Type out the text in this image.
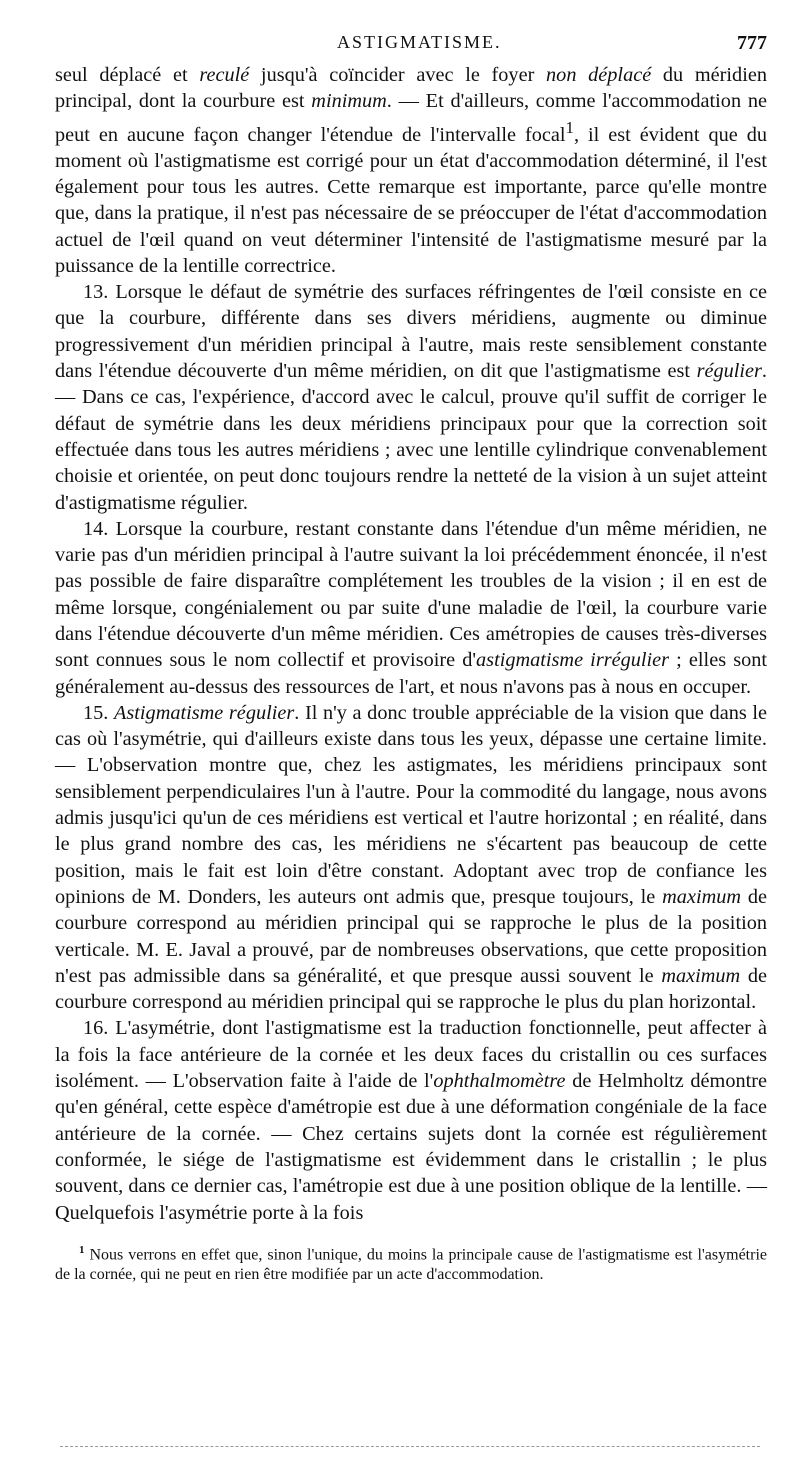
ASTIGMATISME.	777

seul déplacé et reculé jusqu'à coïncider avec le foyer non déplacé du méridien principal, dont la courbure est minimum. — Et d'ailleurs, comme l'accommodation ne peut en aucune façon changer l'étendue de l'intervalle focal$^1$, il est évident que du moment où l'astigmatisme est corrigé pour un état d'accommodation déterminé, il l'est également pour tous les autres. Cette remarque est importante, parce qu'elle montre que, dans la pratique, il n'est pas nécessaire de se préoccuper de l'état d'accommodation actuel de l'œil quand on veut déterminer l'intensité de l'astigmatisme mesuré par la puissance de la lentille correctrice.

13. Lorsque le défaut de symétrie des surfaces réfringentes de l'œil consiste en ce que la courbure, différente dans ses divers méridiens, augmente ou diminue progressivement d'un méridien principal à l'autre, mais reste sensiblement constante dans l'étendue découverte d'un même méridien, on dit que l'astigmatisme est régulier. — Dans ce cas, l'expérience, d'accord avec le calcul, prouve qu'il suffit de corriger le défaut de symétrie dans les deux méridiens principaux pour que la correction soit effectuée dans tous les autres méridiens ; avec une lentille cylindrique convenablement choisie et orientée, on peut donc toujours rendre la netteté de la vision à un sujet atteint d'astigmatisme régulier.

14. Lorsque la courbure, restant constante dans l'étendue d'un même méridien, ne varie pas d'un méridien principal à l'autre suivant la loi précédemment énoncée, il n'est pas possible de faire disparaître complétement les troubles de la vision ; il en est de même lorsque, congénialement ou par suite d'une maladie de l'œil, la courbure varie dans l'étendue découverte d'un même méridien. Ces amétropies de causes très-diverses sont connues sous le nom collectif et provisoire d'astigmatisme irrégulier ; elles sont généralement au-dessus des ressources de l'art, et nous n'avons pas à nous en occuper.

15. Astigmatisme régulier. Il n'y a donc trouble appréciable de la vision que dans le cas où l'asymétrie, qui d'ailleurs existe dans tous les yeux, dépasse une certaine limite. — L'observation montre que, chez les astigmates, les méridiens principaux sont sensiblement perpendiculaires l'un à l'autre. Pour la commodité du langage, nous avons admis jusqu'ici qu'un de ces méridiens est vertical et l'autre horizontal ; en réalité, dans le plus grand nombre des cas, les méridiens ne s'écartent pas beaucoup de cette position, mais le fait est loin d'être constant. Adoptant avec trop de confiance les opinions de M. Donders, les auteurs ont admis que, presque toujours, le maximum de courbure correspond au méridien principal qui se rapproche le plus de la position verticale. M. E. Javal a prouvé, par de nombreuses observations, que cette proposition n'est pas admissible dans sa généralité, et que presque aussi souvent le maximum de courbure correspond au méridien principal qui se rapproche le plus du plan horizontal.

16. L'asymétrie, dont l'astigmatisme est la traduction fonctionnelle, peut affecter à la fois la face antérieure de la cornée et les deux faces du cristallin ou ces surfaces isolément. — L'observation faite à l'aide de l'ophthalmomètre de Helmholtz démontre qu'en général, cette espèce d'amétropie est due à une déformation congéniale de la face antérieure de la cornée. — Chez certains sujets dont la cornée est régulièrement conformée, le siége de l'astigmatisme est évidemment dans le cristallin ; le plus souvent, dans ce dernier cas, l'amétropie est due à une position oblique de la lentille. — Quelquefois l'asymétrie porte à la fois

$^1$ Nous verrons en effet que, sinon l'unique, du moins la principale cause de l'astigmatisme est l'asymétrie de la cornée, qui ne peut en rien être modifiée par un acte d'accommodation.
